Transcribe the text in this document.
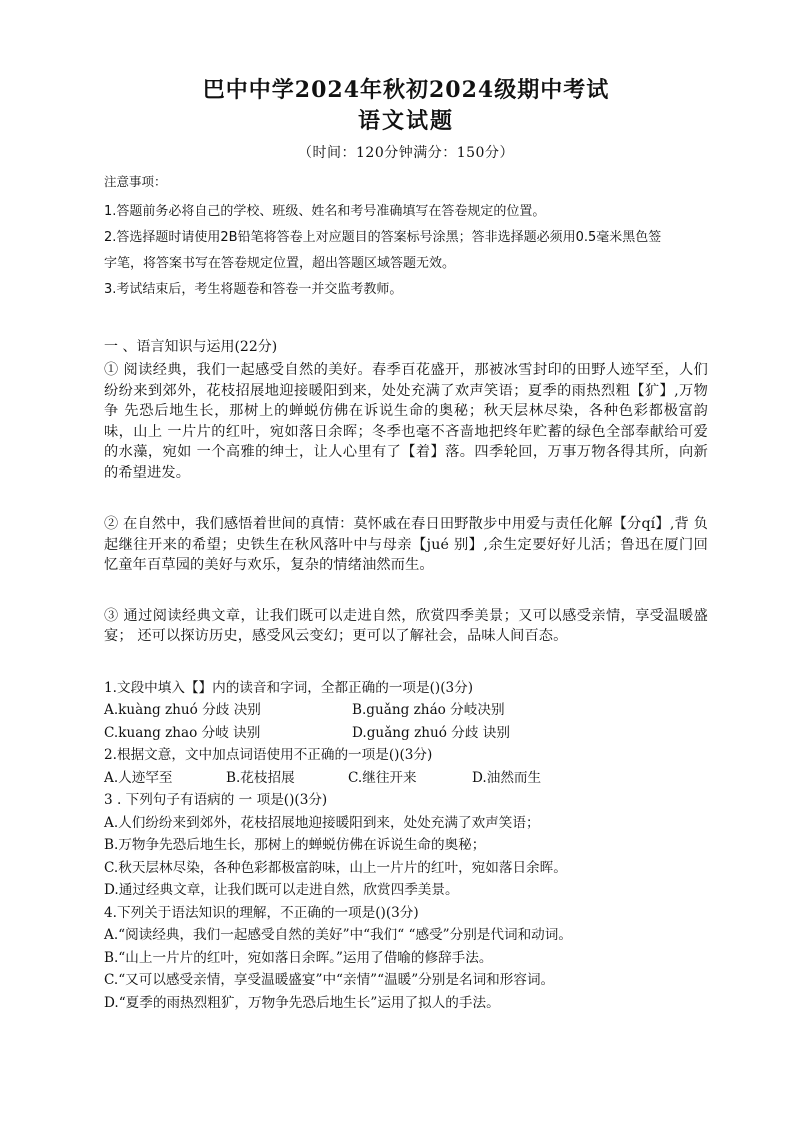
巴中中学2024年秋初2024级期中考试
语文试题
（时间：120分钟满分：150分）

注意事项：

1.答题前务必将自己的学校、班级、姓名和考号准确填写在答卷规定的位置。

2.答选择题时请使用2B铅笔将答卷上对应题目的答案标号涂黑；答非选择题必须用0.5毫米黑色签

字笔，将答案书写在答卷规定位置，超出答题区域答题无效。

3.考试结束后，考生将题卷和答卷一并交监考教师。

一 、语言知识与运用(22分)

① 阅读经典，我们一起感受自然的美好。春季百花盛开，那被冰雪封印的田野人迹罕至，人们 纷纷来到郊外，花枝招展地迎接暖阳到来，处处充满了欢声笑语；夏季的雨热烈粗【犷】,万物争 先恐后地生长，那树上的蝉蜕仿佛在诉说生命的奥秘；秋天层林尽染，各种色彩都极富韵味，山上 一片片的红叶，宛如落日余晖；冬季也毫不吝啬地把终年贮蓄的绿色全部奉献给可爱的水藻，宛如 一个高雅的绅士，让人心里有了【着】落。四季轮回，万事万物各得其所，向新的希望进发。

② 在自然中，我们感悟着世间的真情：莫怀戚在春日田野散步中用爱与责任化解【分qí】,背 负起继往开来的希望；史铁生在秋风落叶中与母亲【jué 别】,余生定要好好儿活；鲁迅在厦门回 忆童年百草园的美好与欢乐，复杂的情绪油然而生。

③ 通过阅读经典文章，让我们既可以走进自然，欣赏四季美景；又可以感受亲情，享受温暖盛宴； 还可以探访历史，感受风云变幻；更可以了解社会，品味人间百态。

1.文段中填入【】内的读音和字词，全都正确的一项是()(3分)

A.kuàng zhuó 分歧 决别	B.guǎng zháo 分岐决别
C.kuang zhao 分岐 诀别	D.guǎng zhuó 分歧 诀别

2.根据文意，文中加点词语使用不正确的一项是()(3分)

A.人迹罕至	B.花枝招展	C.继往开来	D.油然而生

3 . 下列句子有语病的 一 项是()(3分)

A.人们纷纷来到郊外，花枝招展地迎接暖阳到来，处处充满了欢声笑语；

B.万物争先恐后地生长，那树上的蝉蜕仿佛在诉说生命的奥秘；

C.秋天层林尽染，各种色彩都极富韵味，山上一片片的红叶，宛如落日余晖。

D.通过经典文章，让我们既可以走进自然，欣赏四季美景。

4.下列关于语法知识的理解，不正确的一项是()(3分)

A.“阅读经典，我们一起感受自然的美好”中“我们“ “感受”分别是代词和动词。

B.“山上一片片的红叶，宛如落日余晖。”运用了借喻的修辞手法。

C.“又可以感受亲情，享受温暖盛宴”中“亲情”“温暖”分别是名词和形容词。

D.“夏季的雨热烈粗犷，万物争先恐后地生长”运用了拟人的手法。
